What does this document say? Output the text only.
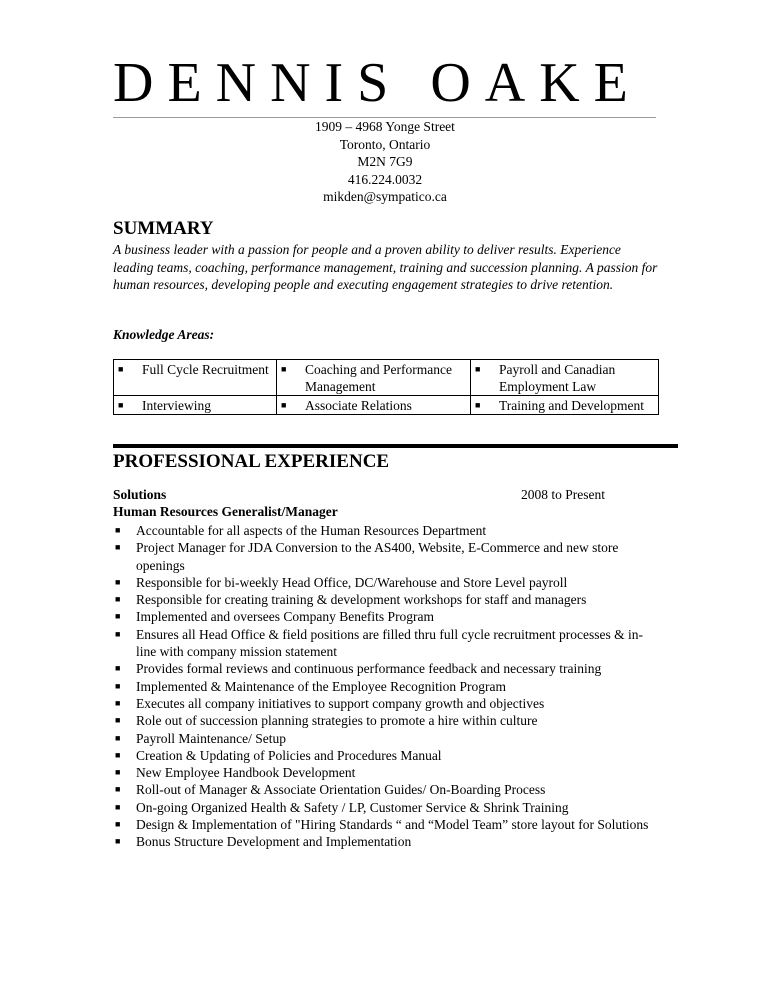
DENNIS OAKE
1909 – 4968 Yonge Street
Toronto, Ontario
M2N 7G9
416.224.0032
mikden@sympatico.ca
SUMMARY
A business leader with a passion for people and a proven ability to deliver results. Experience leading teams, coaching, performance management, training and succession planning. A passion for human resources, developing people and executing engagement strategies to drive retention.
Knowledge Areas:
■ Full Cycle Recruitment	■ Coaching and Performance Management	■ Payroll and Canadian Employment Law

■ Interviewing	■ Associate Relations	■ Training and Development
PROFESSIONAL EXPERIENCE
Solutions	2008 to Present
Human Resources Generalist/Manager
■	Accountable for all aspects of the Human Resources Department
■	Project Manager for JDA Conversion to the AS400, Website, E-Commerce and new store openings
■	Responsible for bi-weekly Head Office, DC/Warehouse and Store Level payroll
■	Responsible for creating training & development workshops for staff and managers
■	Implemented and oversees Company Benefits Program
■	Ensures all Head Office & field positions are filled thru full cycle recruitment processes & in-line with company mission statement
■	Provides formal reviews and continuous performance feedback and necessary training
■	Implemented & Maintenance of the Employee Recognition Program
■	Executes all company initiatives to support company growth and objectives
■	Role out of succession planning strategies to promote a hire within culture
■	Payroll Maintenance/ Setup
■	Creation & Updating of Policies and Procedures Manual
■	New Employee Handbook Development
■	Roll-out of Manager & Associate Orientation Guides/ On-Boarding Process
■	On-going Organized Health & Safety / LP, Customer Service & Shrink Training
■	Design & Implementation of "Hiring Standards “ and “Model Team” store layout for Solutions
■	Bonus Structure Development and Implementation
